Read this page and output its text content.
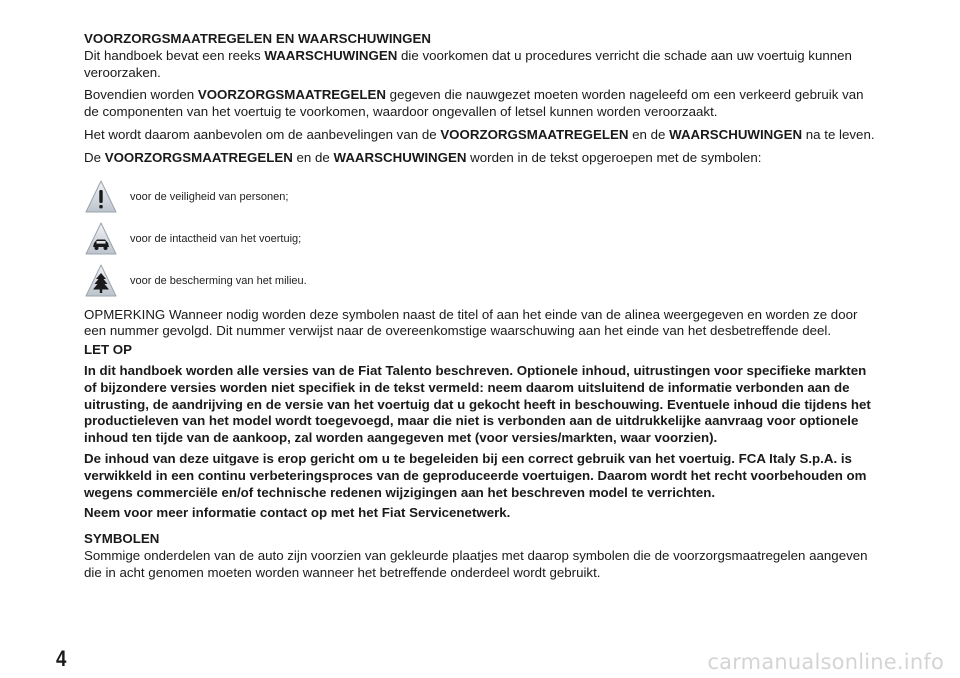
VOORZORGSMAATREGELEN EN WAARSCHUWINGEN

Dit handboek bevat een reeks WAARSCHUWINGEN die voorkomen dat u procedures verricht die schade aan uw voertuig kunnen veroorzaken.

Bovendien worden VOORZORGSMAATREGELEN gegeven die nauwgezet moeten worden nageleefd om een verkeerd gebruik van de componenten van het voertuig te voorkomen, waardoor ongevallen of letsel kunnen worden veroorzaakt.

Het wordt daarom aanbevolen om de aanbevelingen van de VOORZORGSMAATREGELEN en de WAARSCHUWINGEN na te leven.

De VOORZORGSMAATREGELEN en de WAARSCHUWINGEN worden in de tekst opgeroepen met de symbolen:

voor de veiligheid van personen;
voor de intactheid van het voertuig;
voor de bescherming van het milieu.

OPMERKING Wanneer nodig worden deze symbolen naast de titel of aan het einde van de alinea weergegeven en worden ze door een nummer gevolgd. Dit nummer verwijst naar de overeenkomstige waarschuwing aan het einde van het desbetreffende deel.

LET OP

In dit handboek worden alle versies van de Fiat Talento beschreven. Optionele inhoud, uitrustingen voor specifieke markten of bijzondere versies worden niet specifiek in de tekst vermeld: neem daarom uitsluitend de informatie verbonden aan de uitrusting, de aandrijving en de versie van het voertuig dat u gekocht heeft in beschouwing. Eventuele inhoud die tijdens het productieleven van het model wordt toegevoegd, maar die niet is verbonden aan de uitdrukkelijke aanvraag voor optionele inhoud ten tijde van de aankoop, zal worden aangegeven met (voor versies/markten, waar voorzien).

De inhoud van deze uitgave is erop gericht om u te begeleiden bij een correct gebruik van het voertuig. FCA Italy S.p.A. is verwikkeld in een continu verbeteringsproces van de geproduceerde voertuigen. Daarom wordt het recht voorbehouden om wegens commerciële en/of technische redenen wijzigingen aan het beschreven model te verrichten.

Neem voor meer informatie contact op met het Fiat Servicenetwerk.

SYMBOLEN

Sommige onderdelen van de auto zijn voorzien van gekleurde plaatjes met daarop symbolen die de voorzorgsmaatregelen aangeven die in acht genomen moeten worden wanneer het betreffende onderdeel wordt gebruikt.

4	carmanualsonline.info
